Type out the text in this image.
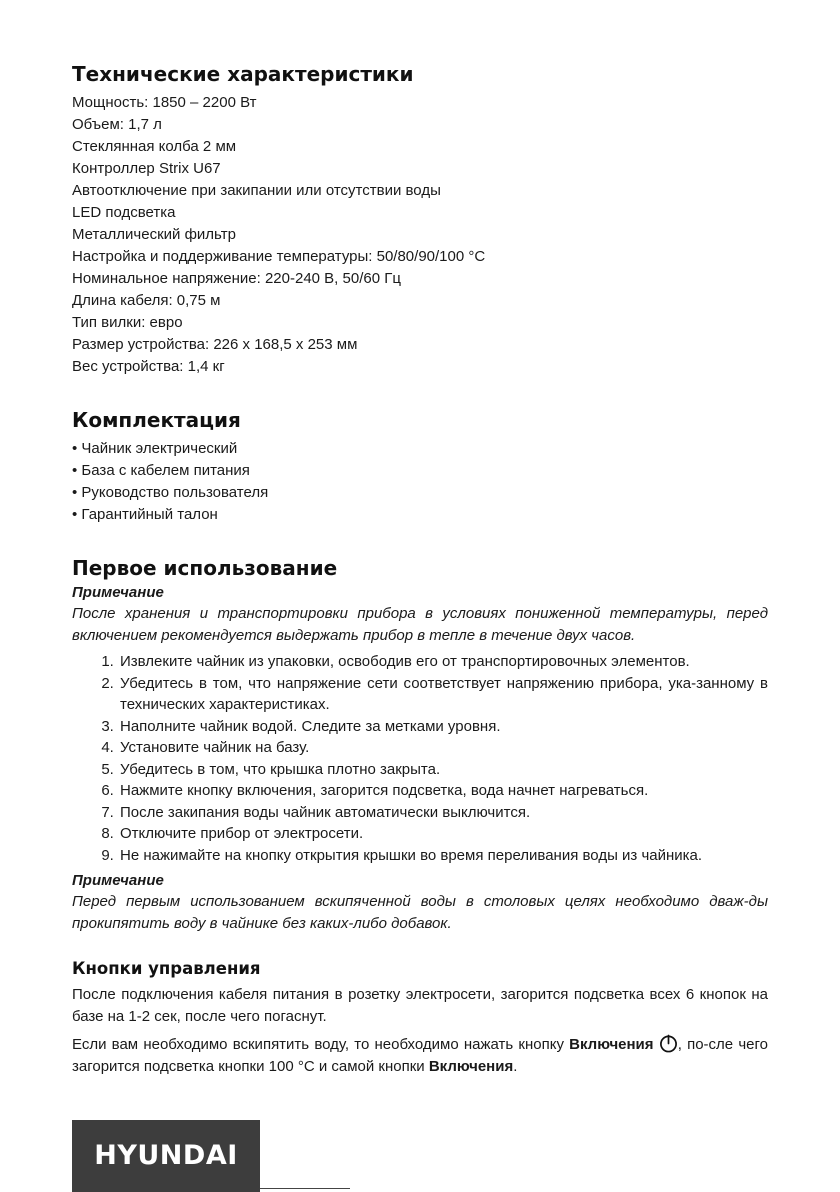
Технические характеристики

Мощность: 1850 – 2200 Вт

Объем: 1,7 л

Стеклянная колба 2 мм

Контроллер Strix U67

Автоотключение при закипании или отсутствии воды

LED подсветка

Металлический фильтр

Настройка и поддерживание температуры: 50/80/90/100 °С

Номинальное напряжение: 220-240 В, 50/60 Гц

Длина кабеля: 0,75 м

Тип вилки: евро

Размер устройства: 226 x 168,5 x 253 мм

Вес устройства: 1,4 кг

Комплектация

• Чайник электрический

• База с кабелем питания

• Руководство пользователя

• Гарантийный талон

Первое использование
Примечание
После хранения и транспортировки прибора в условиях пониженной температуры, перед включением рекомендуется выдержать прибор в тепле в течение двух часов.
1. Извлеките чайник из упаковки, освободив его от транспортировочных элементов.
2. Убедитесь в том, что напряжение сети соответствует напряжению прибора, ука-занному в технических характеристиках.
3. Наполните чайник водой. Следите за метками уровня.
4. Установите чайник на базу.
5. Убедитесь в том, что крышка плотно закрыта.
6. Нажмите кнопку включения, загорится подсветка, вода начнет нагреваться.
7. После закипания воды чайник автоматически выключится.
8. Отключите прибор от электросети.
9. Не нажимайте на кнопку открытия крышки во время переливания воды из чайника.
Примечание
Перед первым использованием вскипяченной воды в столовых целях необходимо дваж-ды прокипятить воду в чайнике без каких-либо добавок.
Кнопки управления

После подключения кабеля питания в розетку электросети, загорится подсветка всех 6 кнопок на базе на 1-2 сек, после чего погаснут.

Если вам необходимо вскипятить воду, то необходимо нажать кнопку Включения , по-сле чего загорится подсветка кнопки 100 °С и самой кнопки Включения.

HYUNDAI
